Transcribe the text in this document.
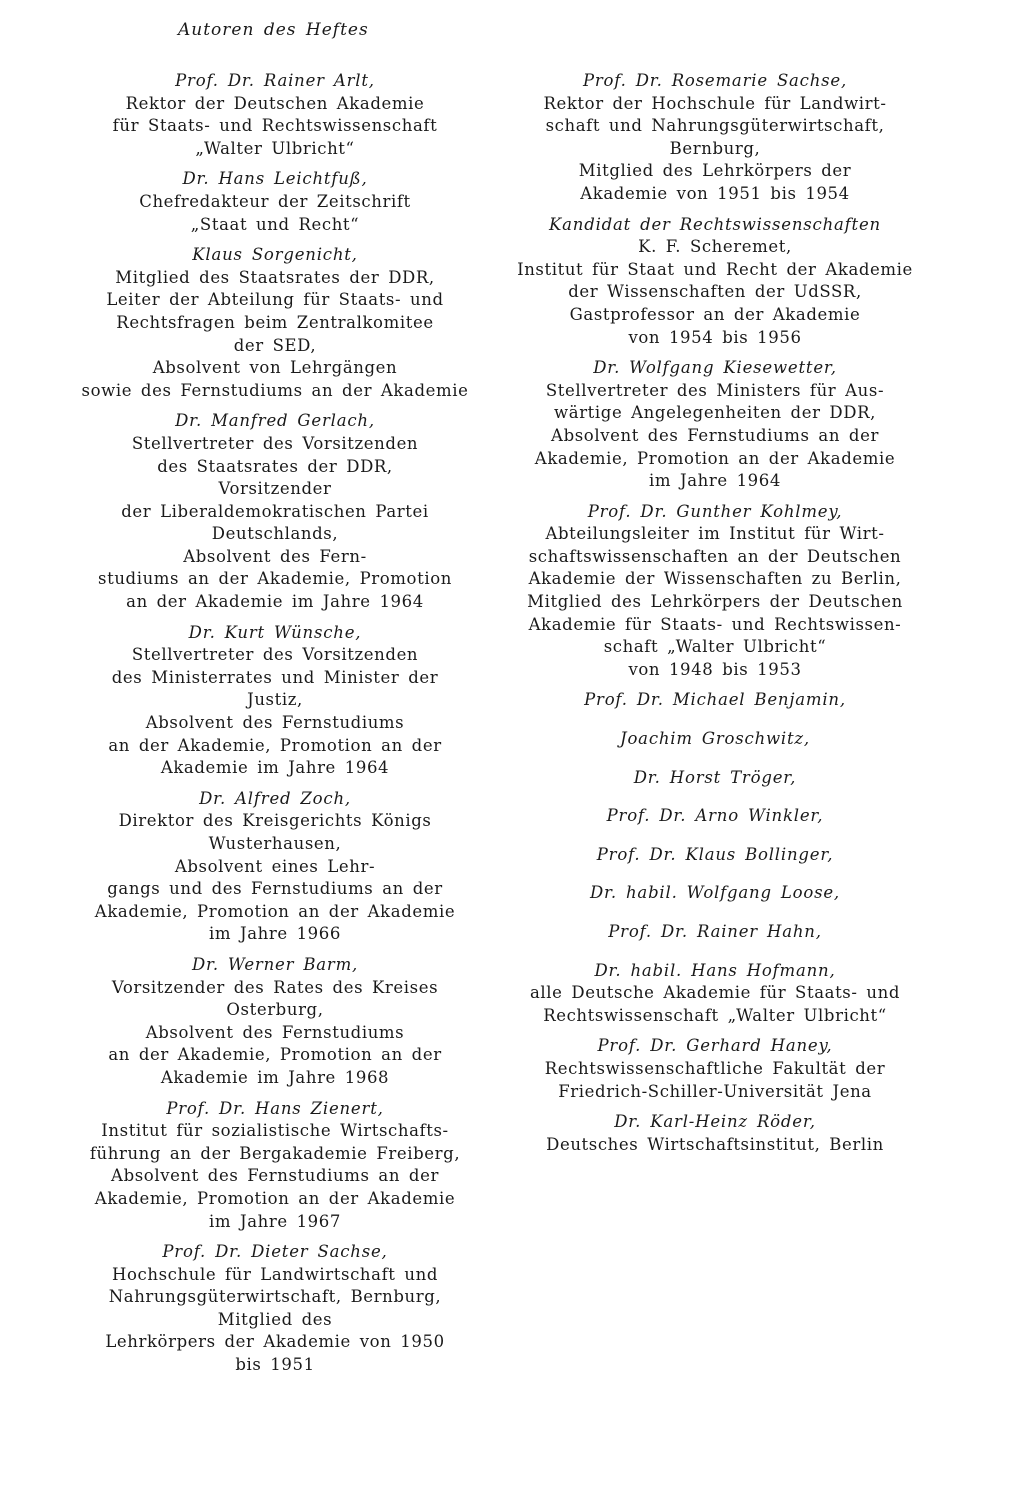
Autoren des Heftes
Prof. Dr. Rainer Arlt,
Rektor der Deutschen Akademie
für Staats- und Rechtswissenschaft
„Walter Ulbricht“
Dr. Hans Leichtfuß,
Chefredakteur der Zeitschrift
„Staat und Recht“
Klaus Sorgenicht,
Mitglied des Staatsrates der DDR,
Leiter der Abteilung für Staats- und
Rechtsfragen beim Zentralkomitee
der SED,
Absolvent von Lehrgängen
sowie des Fernstudiums an der Akademie
Dr. Manfred Gerlach,
Stellvertreter des Vorsitzenden
des Staatsrates der DDR,
Vorsitzender
der Liberaldemokratischen Partei
Deutschlands,
Absolvent des Fern-
studiums an der Akademie, Promotion
an der Akademie im Jahre 1964
Dr. Kurt Wünsche,
Stellvertreter des Vorsitzenden
des Ministerrates und Minister der
Justiz,
Absolvent des Fernstudiums
an der Akademie, Promotion an der
Akademie im Jahre 1964
Dr. Alfred Zoch,
Direktor des Kreisgerichts Königs
Wusterhausen,
Absolvent eines Lehr-
gangs und des Fernstudiums an der
Akademie, Promotion an der Akademie
im Jahre 1966
Dr. Werner Barm,
Vorsitzender des Rates des Kreises
Osterburg,
Absolvent des Fernstudiums
an der Akademie, Promotion an der
Akademie im Jahre 1968
Prof. Dr. Hans Zienert,
Institut für sozialistische Wirtschafts-
führung an der Bergakademie Freiberg,
Absolvent des Fernstudiums an der
Akademie, Promotion an der Akademie
im Jahre 1967
Prof. Dr. Dieter Sachse,
Hochschule für Landwirtschaft und
Nahrungsgüterwirtschaft, Bernburg,
Mitglied des
Lehrkörpers der Akademie von 1950
bis 1951
Prof. Dr. Rosemarie Sachse,
Rektor der Hochschule für Landwirt-
schaft und Nahrungsgüterwirtschaft,
Bernburg,
Mitglied des Lehrkörpers der
Akademie von 1951 bis 1954
Kandidat der Rechtswissenschaften
K. F. Scheremet,
Institut für Staat und Recht der Akademie
der Wissenschaften der UdSSR,
Gastprofessor an der Akademie
von 1954 bis 1956
Dr. Wolfgang Kiesewetter,
Stellvertreter des Ministers für Aus-
wärtige Angelegenheiten der DDR,
Absolvent des Fernstudiums an der
Akademie, Promotion an der Akademie
im Jahre 1964
Prof. Dr. Gunther Kohlmey,
Abteilungsleiter im Institut für Wirt-
schaftswissenschaften an der Deutschen
Akademie der Wissenschaften zu Berlin,
Mitglied des Lehrkörpers der Deutschen
Akademie für Staats- und Rechtswissen-
schaft „Walter Ulbricht“
von 1948 bis 1953
Prof. Dr. Michael Benjamin,
Joachim Groschwitz,
Dr. Horst Tröger,
Prof. Dr. Arno Winkler,
Prof. Dr. Klaus Bollinger,
Dr. habil. Wolfgang Loose,
Prof. Dr. Rainer Hahn,
Dr. habil. Hans Hofmann,
alle Deutsche Akademie für Staats- und
Rechtswissenschaft „Walter Ulbricht“
Prof. Dr. Gerhard Haney,
Rechtswissenschaftliche Fakultät der
Friedrich-Schiller-Universität Jena
Dr. Karl-Heinz Röder,
Deutsches Wirtschaftsinstitut, Berlin
